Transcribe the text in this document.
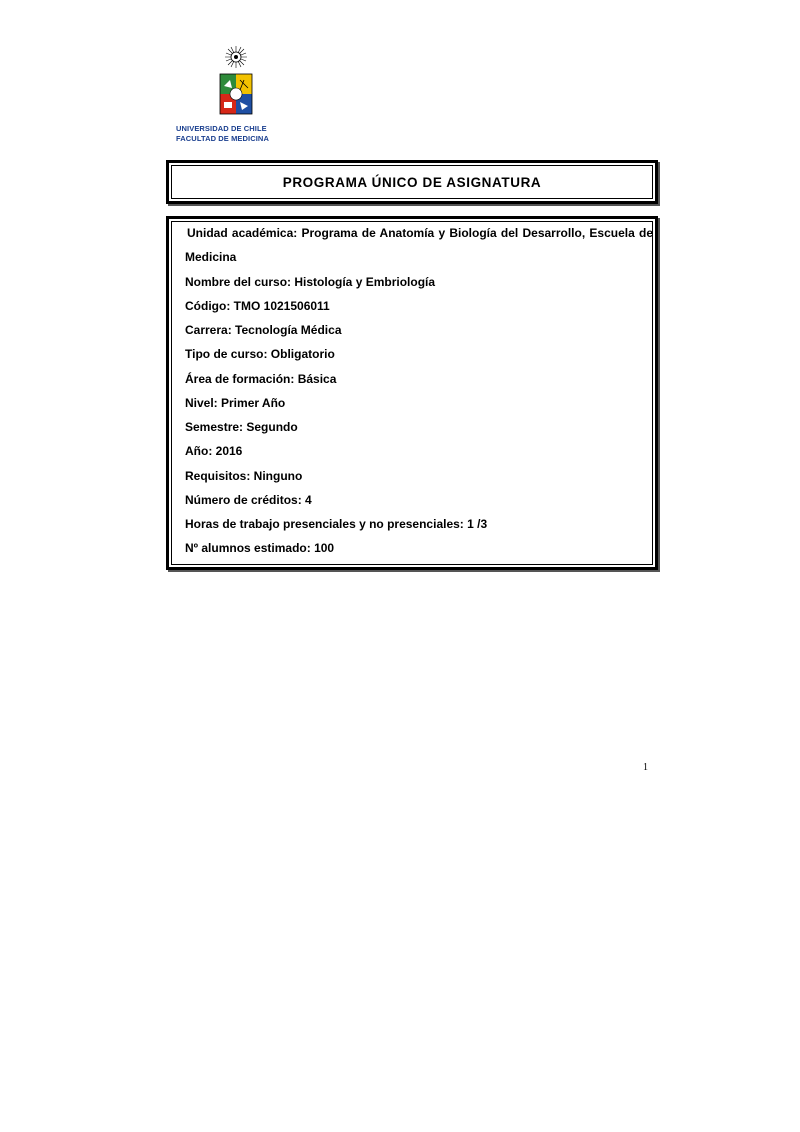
UNIVERSIDAD DE CHILE
FACULTAD DE MEDICINA
PROGRAMA ÚNICO DE ASIGNATURA
Unidad académica: Programa de Anatomía y Biología del Desarrollo, Escuela de
Medicina
Nombre del curso: Histología y Embriología
Código: TMO 1021506011
Carrera: Tecnología Médica
Tipo de curso: Obligatorio
Área de formación: Básica
Nivel: Primer Año
Semestre: Segundo
Año: 2016
Requisitos: Ninguno
Número de créditos: 4
Horas de trabajo presenciales y no presenciales: 1 /3
Nº alumnos estimado: 100
1
